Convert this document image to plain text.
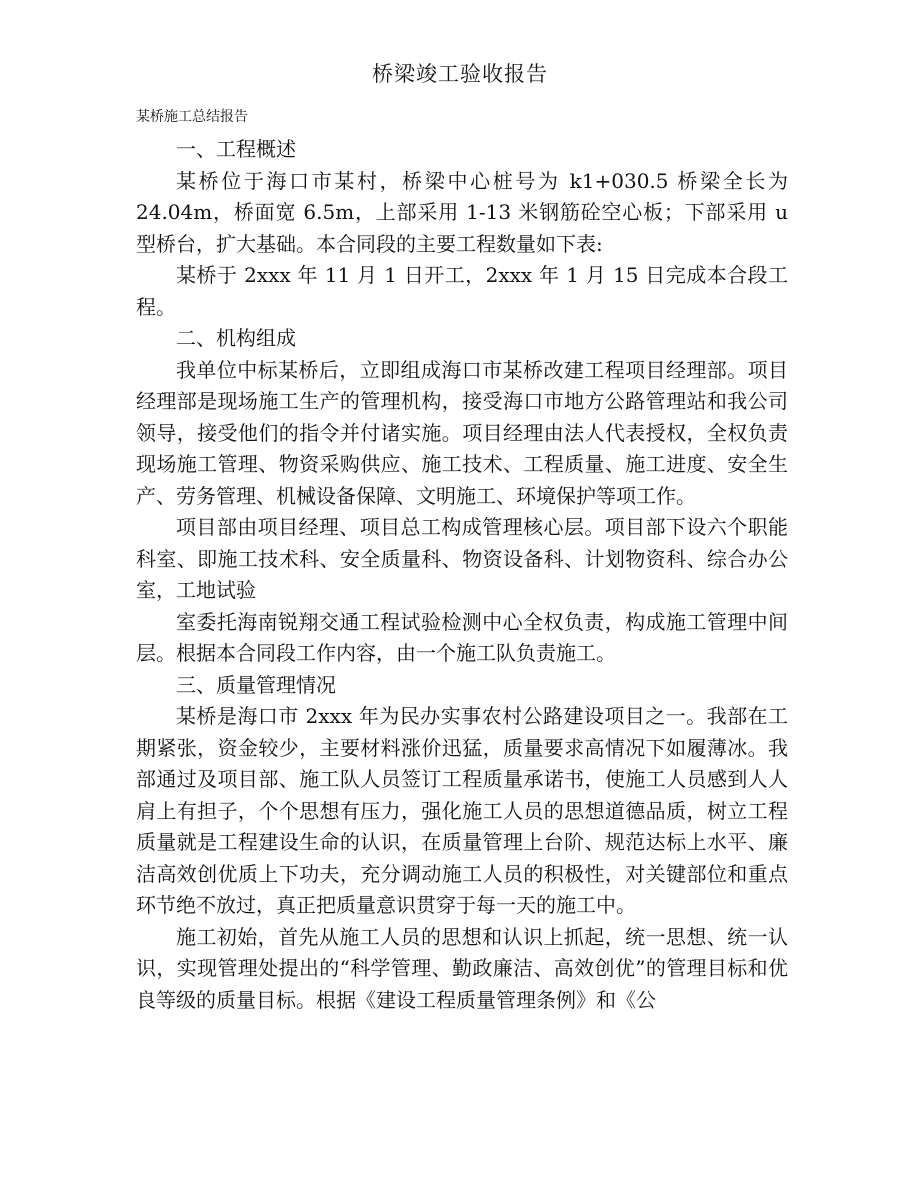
zixin.com.cn
桥梁竣工验收报告

某桥施工总结报告

一、工程概述

某桥位于海口市某村，桥梁中心桩号为 k1+030.5 桥梁全长为 24.04m，桥面宽 6.5m，上部采用 1-13 米钢筋砼空心板；下部采用 u 型桥台，扩大基础。本合同段的主要工程数量如下表:

某桥于 2xxx 年 11 月 1 日开工，2xxx 年 1 月 15 日完成本合段工程。

二、机构组成

我单位中标某桥后，立即组成海口市某桥改建工程项目经理部。项目经理部是现场施工生产的管理机构，接受海口市地方公路管理站和我公司领导，接受他们的指令并付诸实施。项目经理由法人代表授权，全权负责现场施工管理、物资采购供应、施工技术、工程质量、施工进度、安全生产、劳务管理、机械设备保障、文明施工、环境保护等项工作。

项目部由项目经理、项目总工构成管理核心层。项目部下设六个职能科室、即施工技术科、安全质量科、物资设备科、计划物资科、综合办公室，工地试验

室委托海南锐翔交通工程试验检测中心全权负责，构成施工管理中间层。根据本合同段工作内容，由一个施工队负责施工。

三、质量管理情况

某桥是海口市 2xxx 年为民办实事农村公路建设项目之一。我部在工期紧张，资金较少，主要材料涨价迅猛，质量要求高情况下如履薄冰。我部通过及项目部、施工队人员签订工程质量承诺书，使施工人员感到人人肩上有担子，个个思想有压力，强化施工人员的思想道德品质，树立工程质量就是工程建设生命的认识，在质量管理上台阶、规范达标上水平、廉洁高效创优质上下功夫，充分调动施工人员的积极性，对关键部位和重点环节绝不放过，真正把质量意识贯穿于每一天的施工中。

施工初始，首先从施工人员的思想和认识上抓起，统一思想、统一认识，实现管理处提出的“科学管理、勤政廉洁、高效创优”的管理目标和优良等级的质量目标。根据《建设工程质量管理条例》和《公
